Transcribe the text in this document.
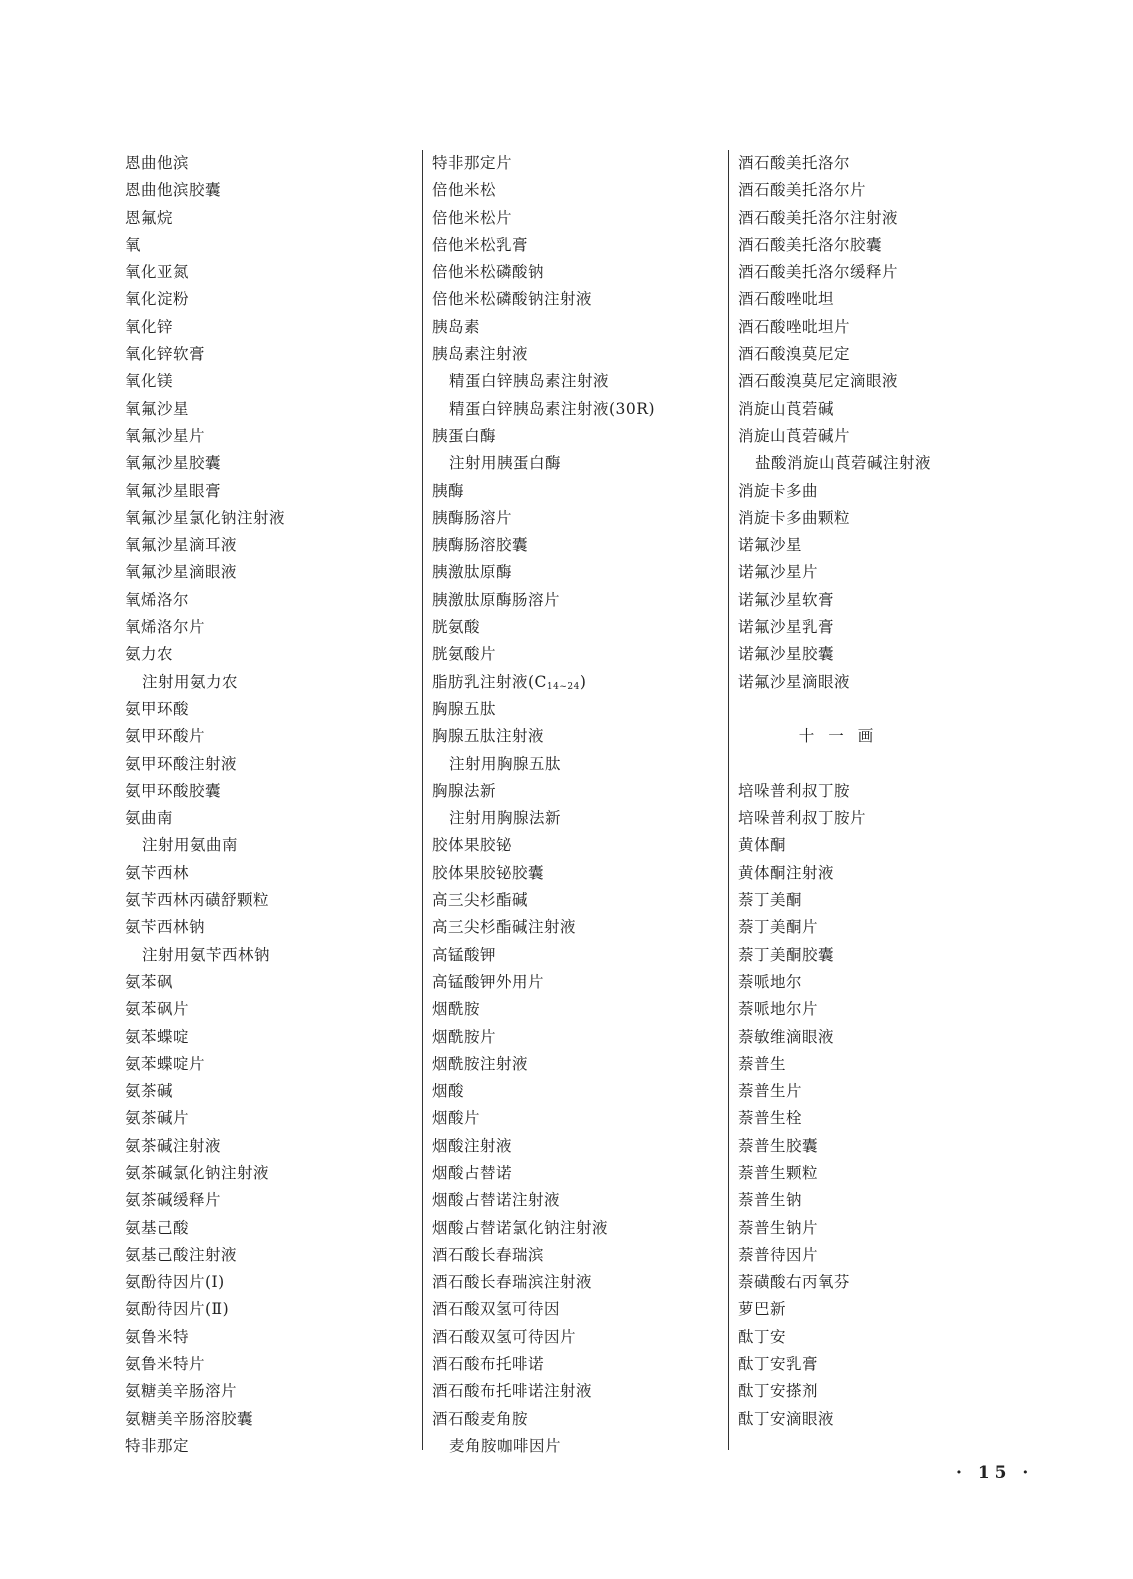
恩曲他滨
恩曲他滨胶囊
恩氟烷
氧
氧化亚氮
氧化淀粉
氧化锌
氧化锌软膏
氧化镁
氧氟沙星
氧氟沙星片
氧氟沙星胶囊
氧氟沙星眼膏
氧氟沙星氯化钠注射液
氧氟沙星滴耳液
氧氟沙星滴眼液
氧烯洛尔
氧烯洛尔片
氨力农
注射用氨力农
氨甲环酸
氨甲环酸片
氨甲环酸注射液
氨甲环酸胶囊
氨曲南
注射用氨曲南
氨苄西林
氨苄西林丙磺舒颗粒
氨苄西林钠
注射用氨苄西林钠
氨苯砜
氨苯砜片
氨苯蝶啶
氨苯蝶啶片
氨茶碱
氨茶碱片
氨茶碱注射液
氨茶碱氯化钠注射液
氨茶碱缓释片
氨基己酸
氨基己酸注射液
氨酚待因片(Ⅰ)
氨酚待因片(Ⅱ)
氨鲁米特
氨鲁米特片
氨糖美辛肠溶片
氨糖美辛肠溶胶囊
特非那定
特非那定片
倍他米松
倍他米松片
倍他米松乳膏
倍他米松磷酸钠
倍他米松磷酸钠注射液
胰岛素
胰岛素注射液
精蛋白锌胰岛素注射液
精蛋白锌胰岛素注射液(30R)
胰蛋白酶
注射用胰蛋白酶
胰酶
胰酶肠溶片
胰酶肠溶胶囊
胰激肽原酶
胰激肽原酶肠溶片
胱氨酸
胱氨酸片
脂肪乳注射液$(C_{14\sim 24})$
胸腺五肽
胸腺五肽注射液
注射用胸腺五肽
胸腺法新
注射用胸腺法新
胶体果胶铋
胶体果胶铋胶囊
高三尖杉酯碱
高三尖杉酯碱注射液
高锰酸钾
高锰酸钾外用片
烟酰胺
烟酰胺片
烟酰胺注射液
烟酸
烟酸片
烟酸注射液
烟酸占替诺
烟酸占替诺注射液
烟酸占替诺氯化钠注射液
酒石酸长春瑞滨
酒石酸长春瑞滨注射液
酒石酸双氢可待因
酒石酸双氢可待因片
酒石酸布托啡诺
酒石酸布托啡诺注射液
酒石酸麦角胺
麦角胺咖啡因片
酒石酸美托洛尔
酒石酸美托洛尔片
酒石酸美托洛尔注射液
酒石酸美托洛尔胶囊
酒石酸美托洛尔缓释片
酒石酸唑吡坦
酒石酸唑吡坦片
酒石酸溴莫尼定
酒石酸溴莫尼定滴眼液
消旋山莨菪碱
消旋山莨菪碱片
盐酸消旋山莨菪碱注射液
消旋卡多曲
消旋卡多曲颗粒
诺氟沙星
诺氟沙星片
诺氟沙星软膏
诺氟沙星乳膏
诺氟沙星胶囊
诺氟沙星滴眼液
十一画
培哚普利叔丁胺
培哚普利叔丁胺片
黄体酮
黄体酮注射液
萘丁美酮
萘丁美酮片
萘丁美酮胶囊
萘哌地尔
萘哌地尔片
萘敏维滴眼液
萘普生
萘普生片
萘普生栓
萘普生胶囊
萘普生颗粒
萘普生钠
萘普生钠片
萘普待因片
萘磺酸右丙氧芬
萝巴新
酞丁安
酞丁安乳膏
酞丁安搽剂
酞丁安滴眼液
· 15 ·
